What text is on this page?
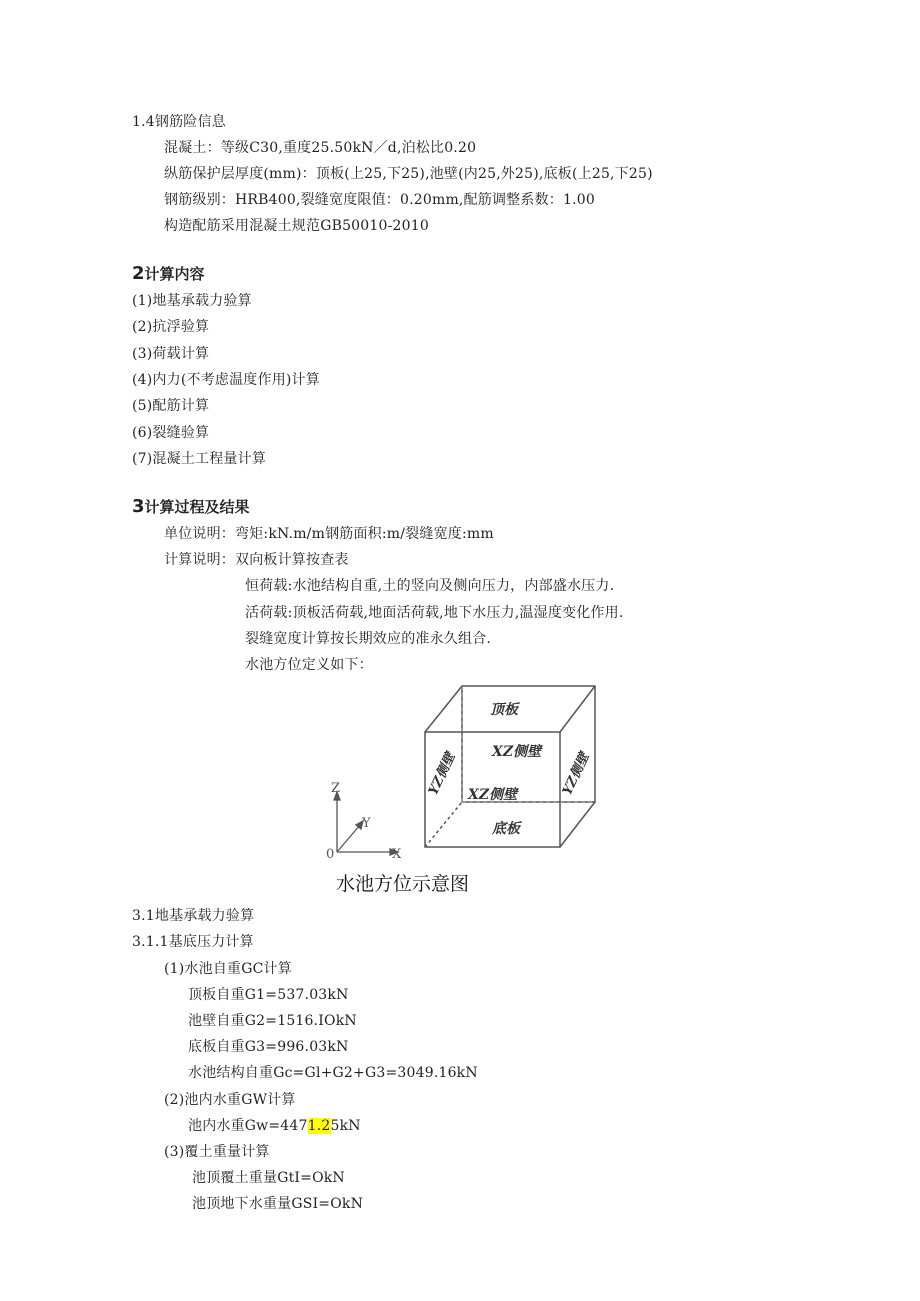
1.4钢筋险信息
混凝土：等级C30,重度25.50kN／d,泊松比0.20
纵筋保护层厚度(mm)：顶板(上25,下25),池壁(内25,外25),底板(上25,下25)
钢筋级别：HRB400,裂缝宽度限值：0.20mm,配筋调整系数：1.00
构造配筋采用混凝土规范GB50010-2010
2计算内容
(1)地基承载力验算
(2)抗浮验算
(3)荷载计算
(4)内力(不考虑温度作用)计算
(5)配筋计算
(6)裂缝验算
(7)混凝土工程量计算
3计算过程及结果
单位说明：弯矩:kN.m/m钢筋面积:m/裂缝宽度:mm
计算说明：双向板计算按查表
恒荷载:水池结构自重,土的竖向及侧向压力，内部盛水压力.
活荷载:顶板活荷载,地面活荷载,地下水压力,温湿度变化作用.
裂缝宽度计算按长期效应的准永久组合.
水池方位定义如下：
顶板
XZ侧壁
XZ侧壁
底板
YZ侧壁	YZ侧壁
Z
Y
X
0
水池方位示意图
3.1地基承载力验算
3.1.1基底压力计算
(1)水池自重GC计算
顶板自重G1=537.03kN
池壁自重G2=1516.IOkN
底板自重G3=996.03kN
水池结构自重Gc=Gl+G2+G3=3049.16kN
(2)池内水重GW计算
池内水重Gw=4471.25kN
(3)覆土重量计算
池顶覆土重量GtI=OkN
池顶地下水重量GSI=OkN
